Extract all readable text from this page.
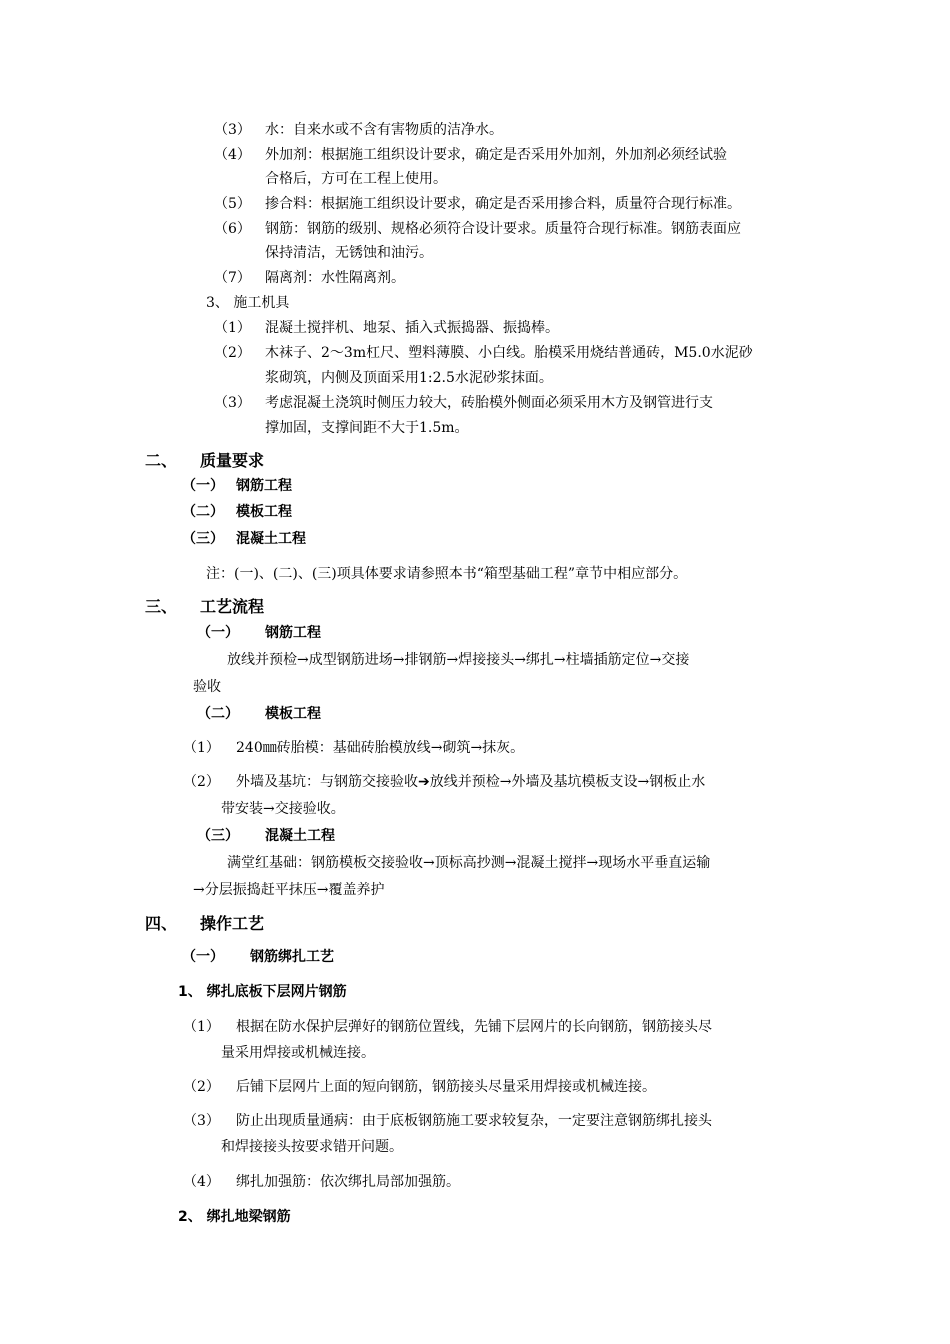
（3） 水：自来水或不含有害物质的洁净水。
（4） 外加剂：根据施工组织设计要求，确定是否采用外加剂，外加剂必须经试验
合格后，方可在工程上使用。
（5） 掺合料：根据施工组织设计要求，确定是否采用掺合料，质量符合现行标准。
（6） 钢筋：钢筋的级别、规格必须符合设计要求。质量符合现行标准。钢筋表面应
保持清洁，无锈蚀和油污。
（7） 隔离剂：水性隔离剂。
3、 施工机具
（1） 混凝土搅拌机、地泵、插入式振捣器、振捣棒。
（2） 木袜子、2～3m杠尺、塑料薄膜、小白线。胎模采用烧结普通砖，M5.0水泥砂
浆砌筑，内侧及顶面采用1:2.5水泥砂浆抹面。
（3） 考虑混凝土浇筑时侧压力较大，砖胎模外侧面必须采用木方及钢管进行支
撑加固，支撑间距不大于1.5m。
二、 质量要求
（一） 钢筋工程
（二） 模板工程
（三） 混凝土工程
注：(一)、(二)、(三)项具体要求请参照本书“箱型基础工程”章节中相应部分。
三、 工艺流程
（一） 钢筋工程
放线并预检→成型钢筋进场→排钢筋→焊接接头→绑扎→柱墙插筋定位→交接
验收
（二） 模板工程
（1） 240㎜砖胎模：基础砖胎模放线→砌筑→抹灰。
（2） 外墙及基坑：与钢筋交接验收➔放线并预检→外墙及基坑模板支设→钢板止水
带安装→交接验收。
（三） 混凝土工程
满堂红基础：钢筋模板交接验收→顶标高抄测→混凝土搅拌→现场水平垂直运输
→分层振捣赶平抹压→覆盖养护
四、 操作工艺
（一） 钢筋绑扎工艺
1、 绑扎底板下层网片钢筋
（1） 根据在防水保护层弹好的钢筋位置线，先铺下层网片的长向钢筋，钢筋接头尽
量采用焊接或机械连接。
（2） 后铺下层网片上面的短向钢筋，钢筋接头尽量采用焊接或机械连接。
（3） 防止出现质量通病：由于底板钢筋施工要求较复杂，一定要注意钢筋绑扎接头
和焊接接头按要求错开问题。
（4） 绑扎加强筋：依次绑扎局部加强筋。
2、 绑扎地梁钢筋
